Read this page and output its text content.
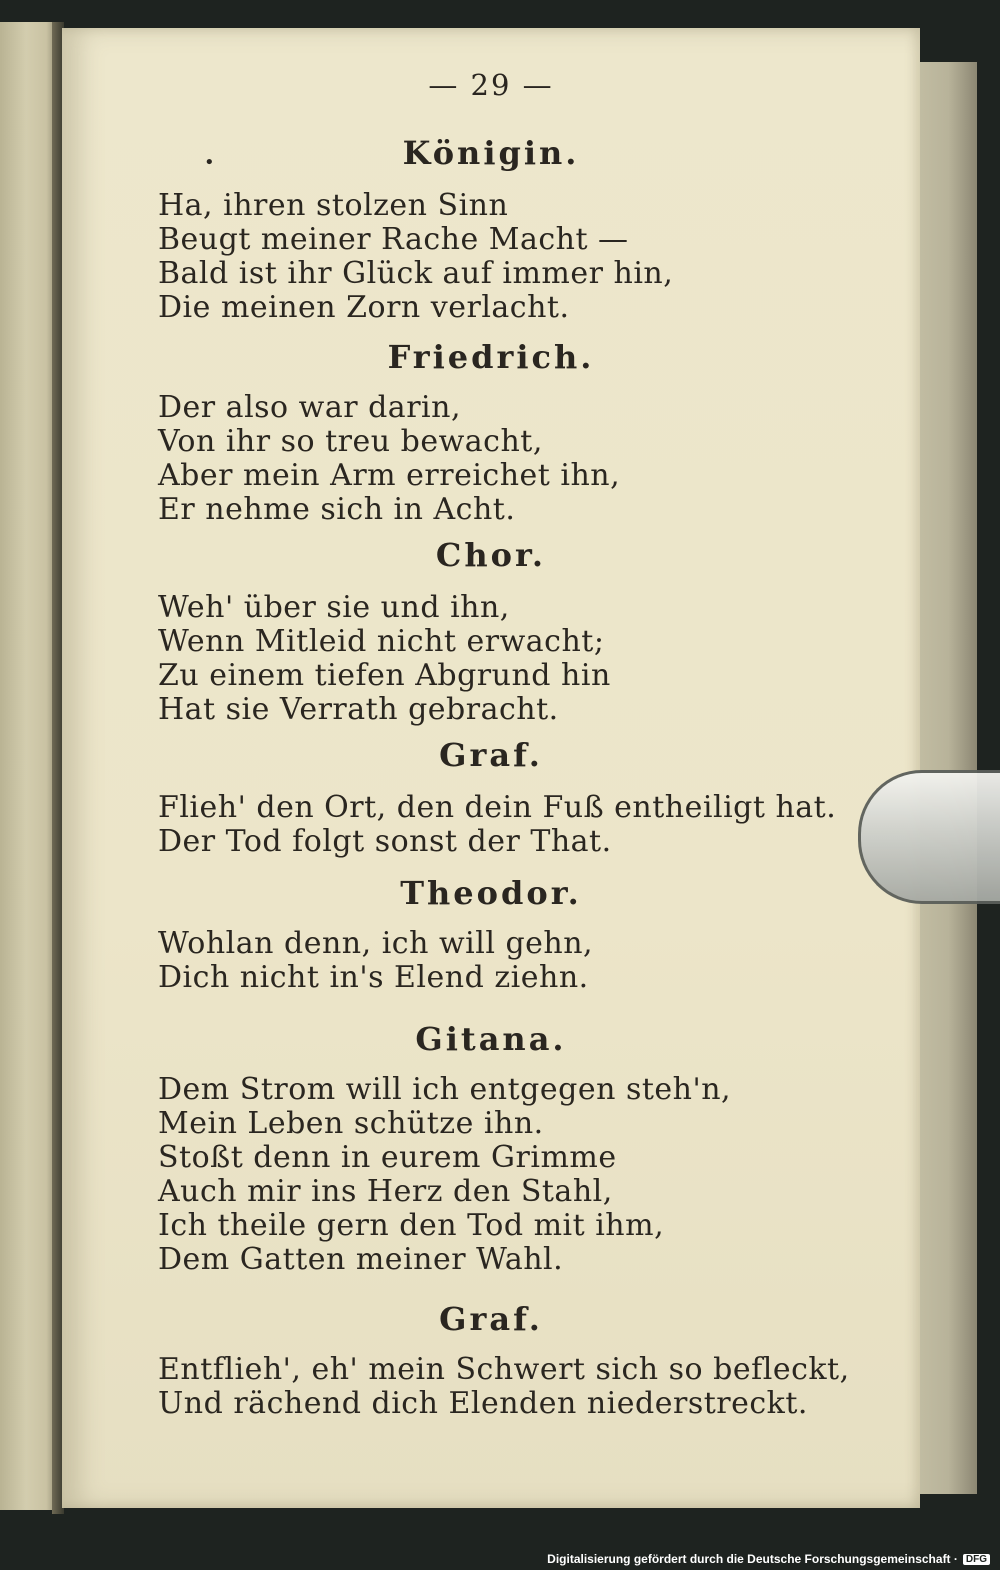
— 29 —
•	Königin.
Ha, ihren stolzen Sinn
Beugt meiner Rache Macht —
Bald ist ihr Glück auf immer hin,
Die meinen Zorn verlacht.
Friedrich.
Der also war darin,
Von ihr so treu bewacht,
Aber mein Arm erreichet ihn,
Er nehme sich in Acht.
Chor.
Weh' über sie und ihn,
Wenn Mitleid nicht erwacht;
Zu einem tiefen Abgrund hin
Hat sie Verrath gebracht.
Graf.
Flieh' den Ort, den dein Fuß entheiligt hat.
Der Tod folgt sonst der That.
Theodor.
Wohlan denn, ich will gehn,
Dich nicht in's Elend ziehn.
Gitana.
Dem Strom will ich entgegen steh'n,
Mein Leben schütze ihn.
Stoßt denn in eurem Grimme
Auch mir ins Herz den Stahl,
Ich theile gern den Tod mit ihm,
Dem Gatten meiner Wahl.
Graf.
Entflieh', eh' mein Schwert sich so befleckt,
Und rächend dich Elenden niederstreckt.
Digitalisierung gefördert durch die Deutsche Forschungsgemeinschaft · DFG
